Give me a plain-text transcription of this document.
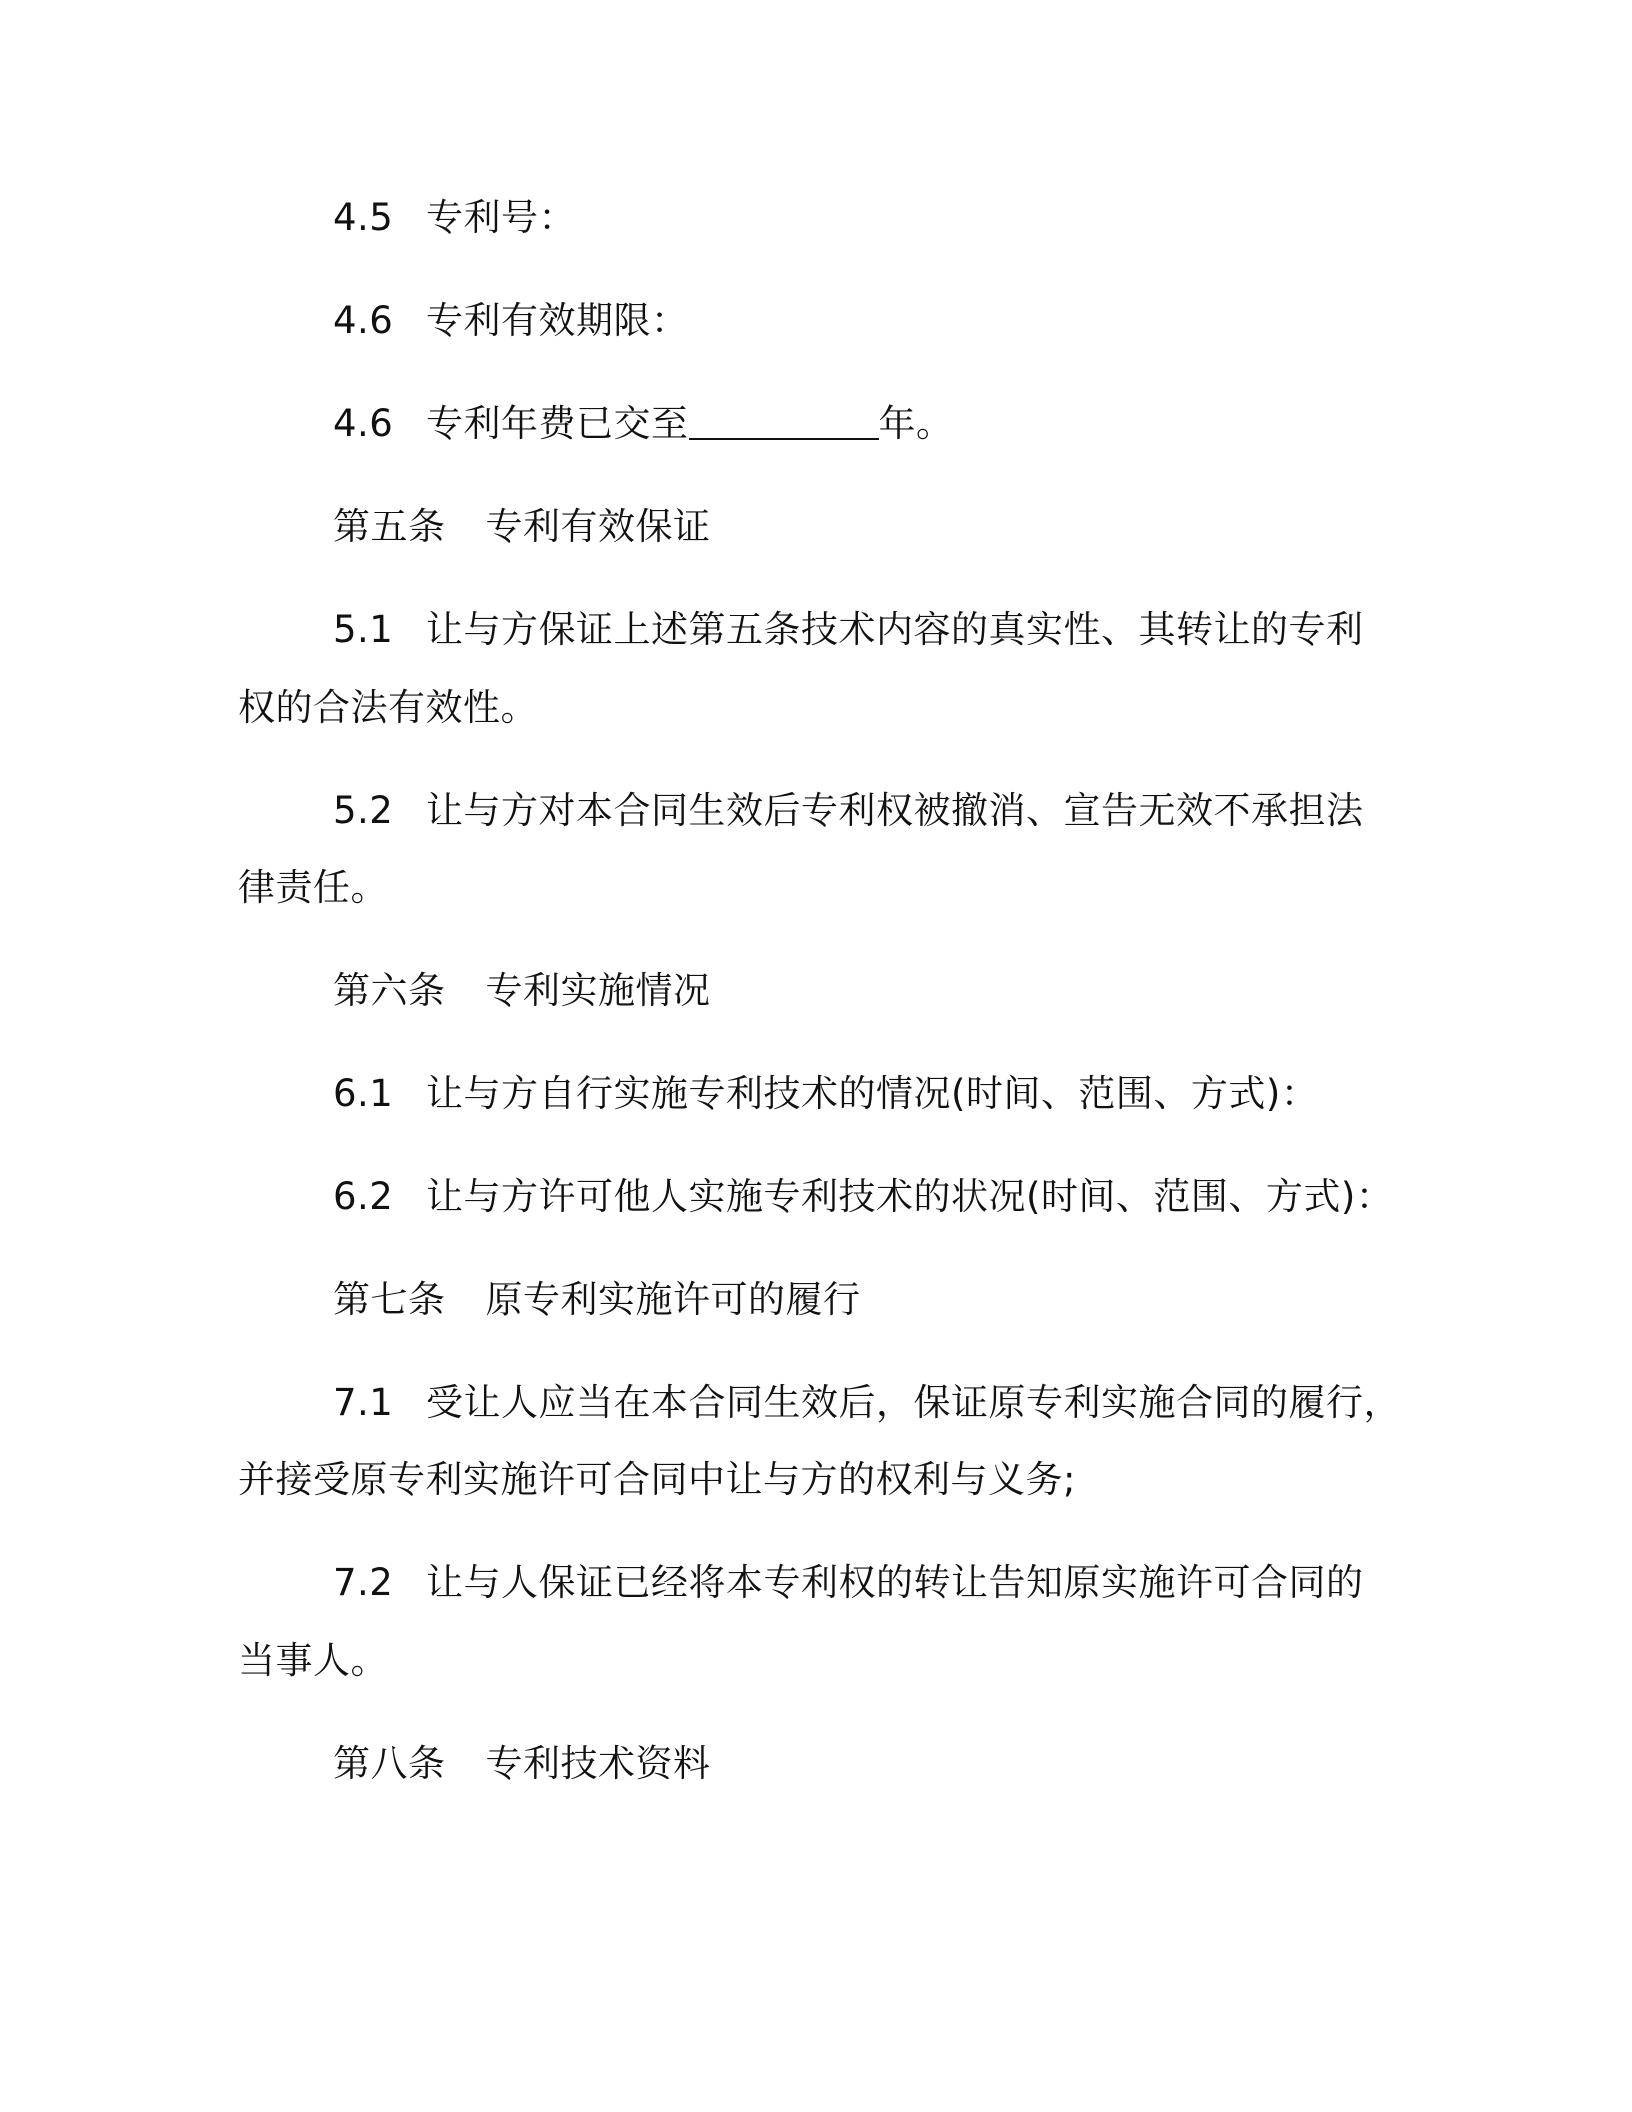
4.5 专利号：
4.6 专利有效期限：
4.6 专利年费已交至	年。
第五条 专利有效保证
5.1 让与方保证上述第五条技术内容的真实性、其转让的专利
权的合法有效性。
5.2 让与方对本合同生效后专利权被撤消、宣告无效不承担法
律责任。
第六条 专利实施情况
6.1 让与方自行实施专利技术的情况(时间、范围、方式)：
6.2 让与方许可他人实施专利技术的状况(时间、范围、方式)：
第七条 原专利实施许可的履行
7.1 受让人应当在本合同生效后，保证原专利实施合同的履行，
并接受原专利实施许可合同中让与方的权利与义务;
7.2 让与人保证已经将本专利权的转让告知原实施许可合同的
当事人。
第八条 专利技术资料
